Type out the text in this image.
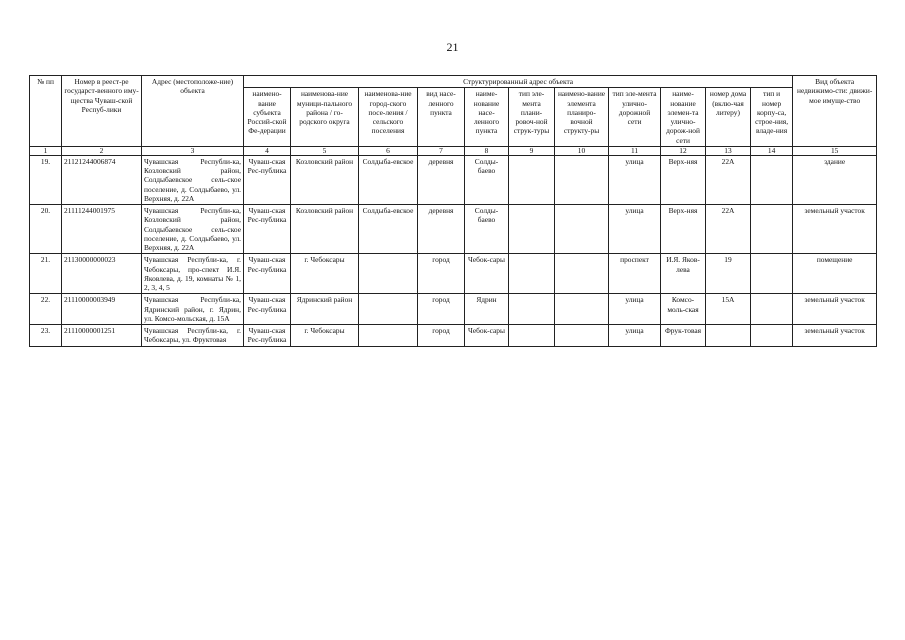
21
№ пп	Номер в реест-ре государст-венного иму-щества Чуваш-ской Респуб-лики	Адрес (местоположе-ние) объекта	Структурированный адрес объекта											Вид объекта недвижимо-сти: движи-мое имуще-ство
			наимено-вание субъекта Россий-ской Фе-дерации	наименова-ние муници-пального района / го-родского округа	наименова-ние город-ского посе-ления / сельского поселения	вид насе-ленного пункта	наиме-нование насе-ленного пункта	тип эле-мента плани-ровоч-ной струк-туры	наимено-вание элемента планиро-вочной структу-ры	тип эле-мента улично-дорожной сети	наиме-нование элемен-та улично-дорож-ной сети	номер дома (вклю-чая литеру)	тип и номер корпу-са, строе-ния, владе-ния	
1	2	3	4	5	6	7	8	9	10	11	12	13	14	15
19.	21121244006874	Чувашская Республи-ка, Козловский район, Солдыбаевское сель-ское поселение, д. Солдыбаево, ул. Верхняя, д. 22А	Чуваш-ская Рес-публика	Козловский район	Солдыба-евское	деревня	Солды-баево			улица	Верх-няя	22А		здание
20.	21111244001975	Чувашская Республи-ка, Козловский район, Солдыбаевское сель-ское поселение, д. Солдыбаево, ул. Верхняя, д. 22А	Чуваш-ская Рес-публика	Козловский район	Солдыба-евское	деревня	Солды-баево			улица	Верх-няя	22А		земельный участок
21.	21130000000023	Чувашская Республи-ка, г. Чебоксары, про-спект И.Я. Яковлева, д. 19, комнаты № 1, 2, 3, 4, 5	Чуваш-ская Рес-публика	г. Чебоксары		город	Чебок-сары			проспект	И.Я. Яков-лева	19		помещение
22.	21110000003949	Чувашская Республи-ка, Ядринский район, г. Ядрин, ул. Комсо-мольская, д. 15А	Чуваш-ская Рес-публика	Ядринский район		город	Ядрин			улица	Комсо-моль-ская	15А		земельный участок
23.	21110000001251	Чувашская Республи-ка, г. Чебоксары, ул. Фруктовая	Чуваш-ская Рес-публика	г. Чебоксары		город	Чебок-сары			улица	Фрук-товая			земельный участок
